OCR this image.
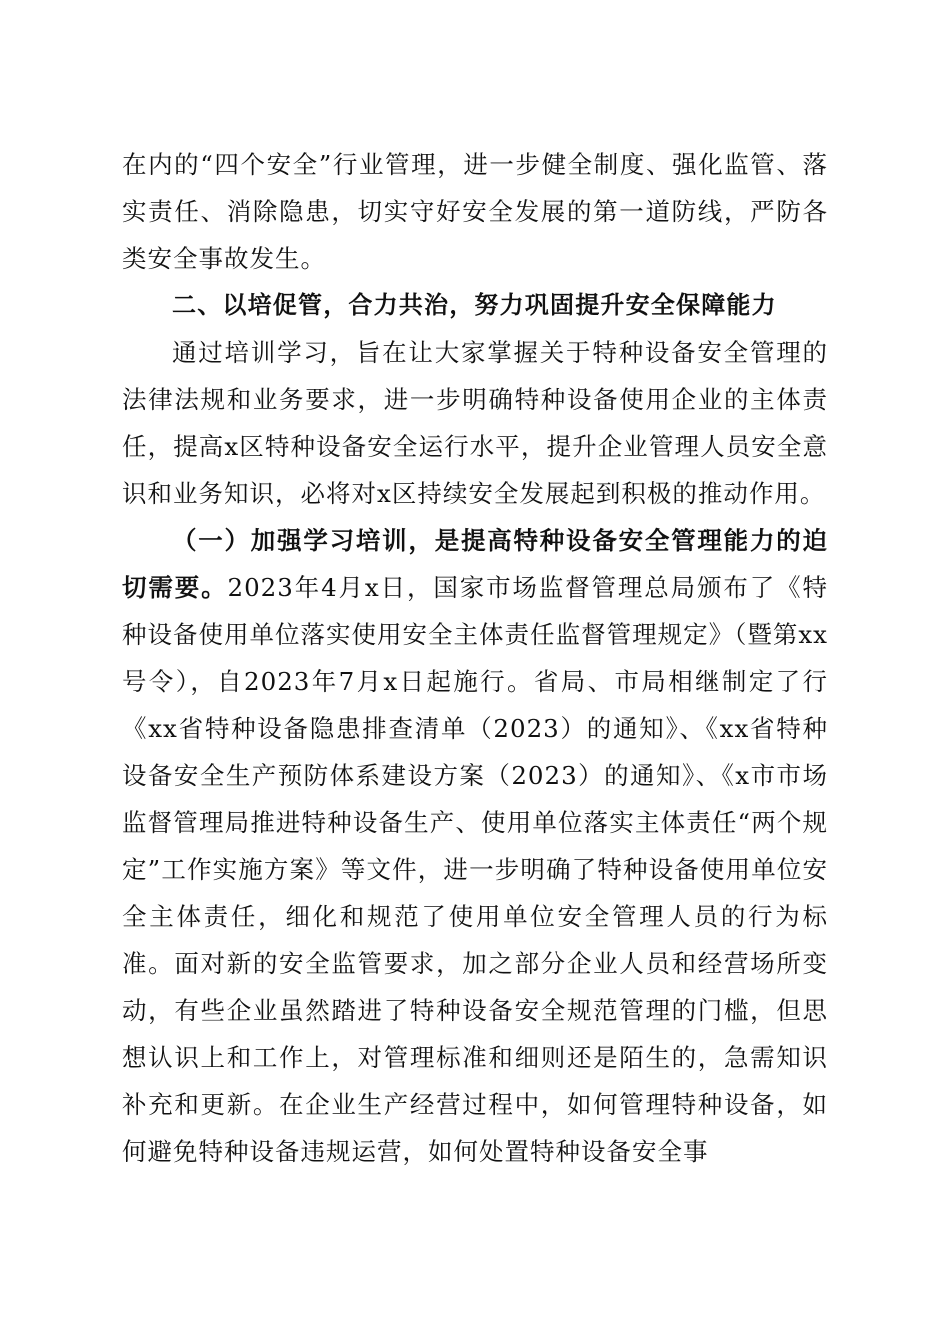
在内的“四个安全”行业管理，进一步健全制度、强化监管、落实责任、消除隐患，切实守好安全发展的第一道防线，严防各类安全事故发生。

二、以培促管，合力共治，努力巩固提升安全保障能力

通过培训学习，旨在让大家掌握关于特种设备安全管理的法律法规和业务要求，进一步明确特种设备使用企业的主体责任，提高x区特种设备安全运行水平，提升企业管理人员安全意识和业务知识，必将对x区持续安全发展起到积极的推动作用。

（一）加强学习培训，是提高特种设备安全管理能力的迫切需要。2023年4月x日，国家市场监督管理总局颁布了《特种设备使用单位落实使用安全主体责任监督管理规定》（暨第xx号令），自2023年7月x日起施行。省局、市局相继制定了行《xx省特种设备隐患排查清单（2023）的通知》、《xx省特种设备安全生产预防体系建设方案（2023）的通知》、《x市市场监督管理局推进特种设备生产、使用单位落实主体责任“两个规定”工作实施方案》等文件，进一步明确了特种设备使用单位安全主体责任，细化和规范了使用单位安全管理人员的行为标准。面对新的安全监管要求，加之部分企业人员和经营场所变动，有些企业虽然踏进了特种设备安全规范管理的门槛，但思想认识上和工作上，对管理标准和细则还是陌生的，急需知识补充和更新。在企业生产经营过程中，如何管理特种设备，如何避免特种设备违规运营，如何处置特种设备安全事
